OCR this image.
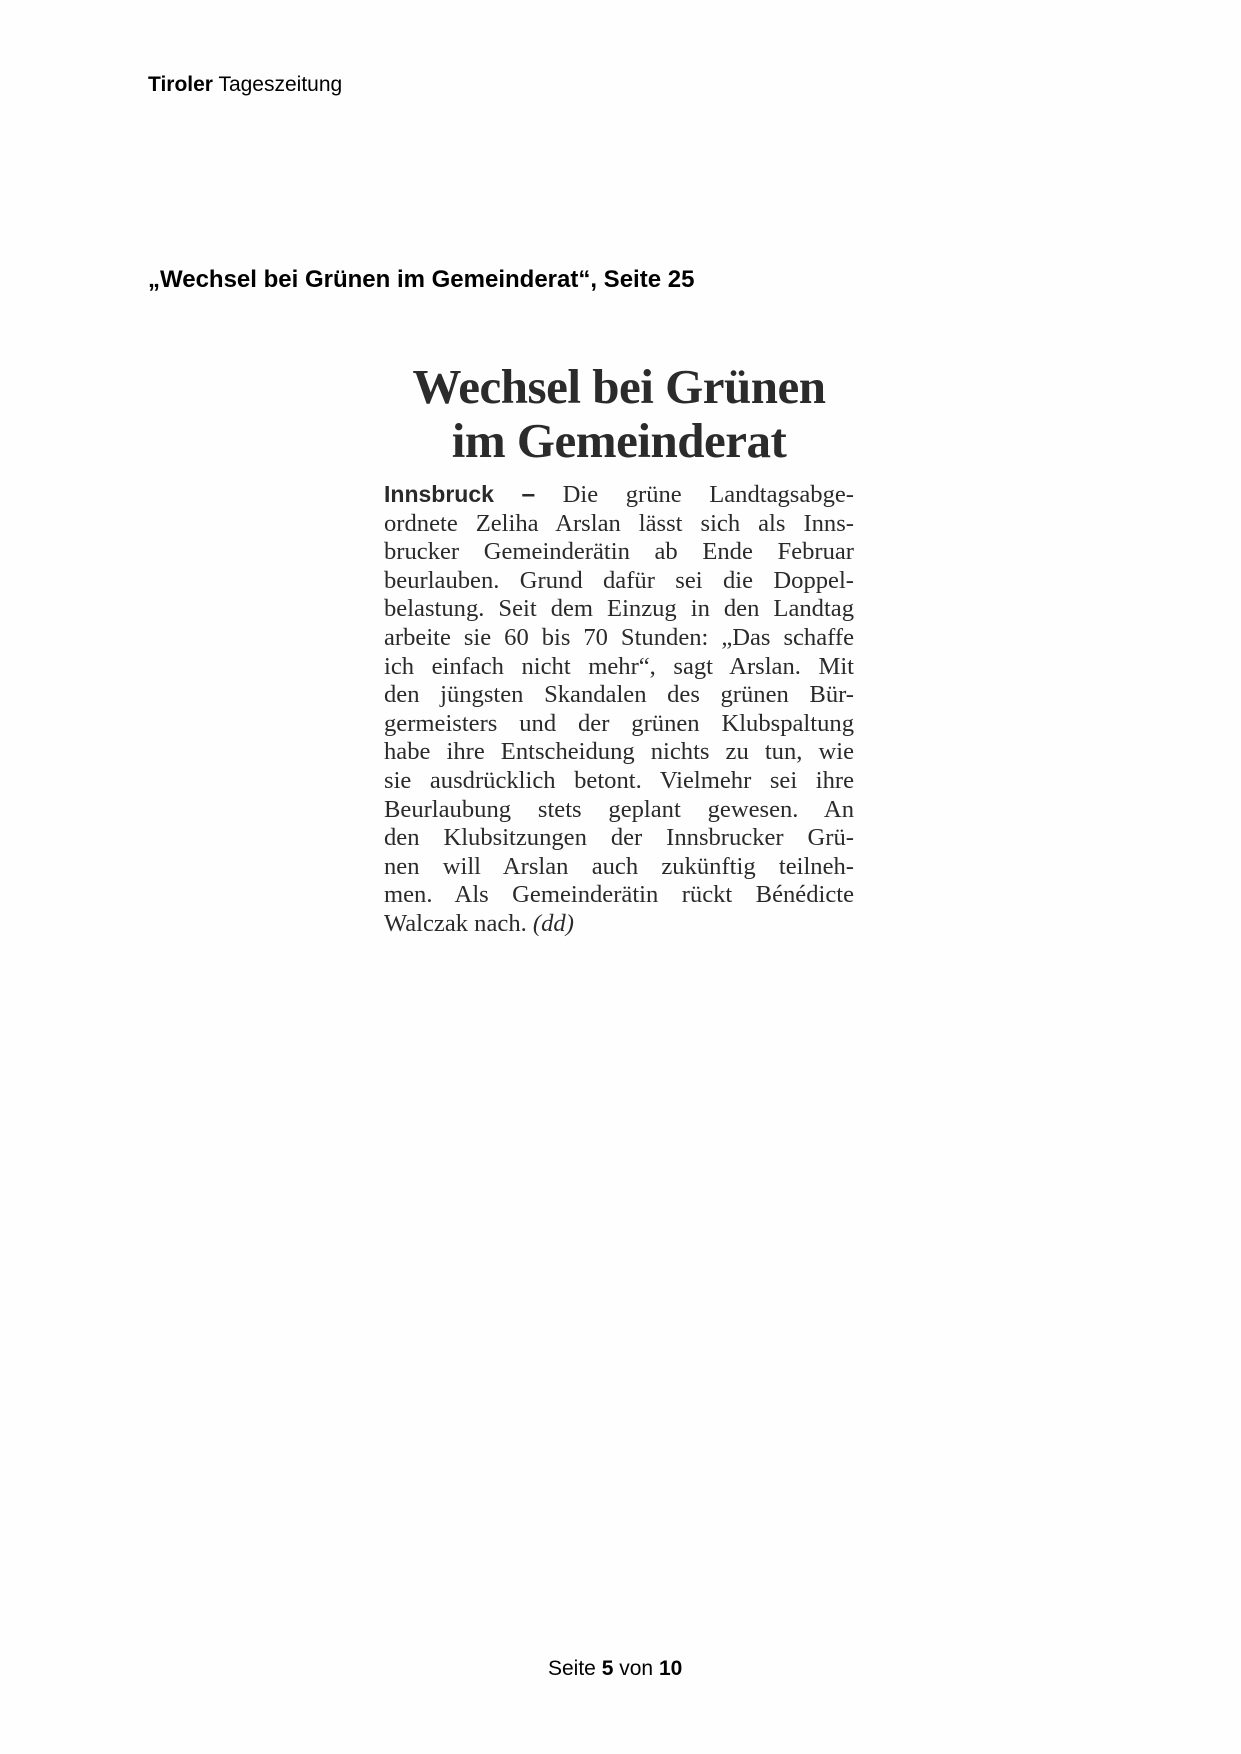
Tiroler Tageszeitung
„Wechsel bei Grünen im Gemeinderat“, Seite 25
Wechsel bei Grünen
im Gemeinderat
Innsbruck – Die grüne Landtagsabge-
ordnete Zeliha Arslan lässt sich als Inns-
brucker Gemeinderätin ab Ende Februar
beurlauben. Grund dafür sei die Doppel-
belastung. Seit dem Einzug in den Landtag
arbeite sie 60 bis 70 Stunden: „Das schaffe
ich einfach nicht mehr“, sagt Arslan. Mit
den jüngsten Skandalen des grünen Bür-
germeisters und der grünen Klubspaltung
habe ihre Entscheidung nichts zu tun, wie
sie ausdrücklich betont. Vielmehr sei ihre
Beurlaubung stets geplant gewesen. An
den Klubsitzungen der Innsbrucker Grü-
nen will Arslan auch zukünftig teilneh-
men. Als Gemeinderätin rückt Bénédicte
Walczak nach. (dd)
Seite 5 von 10
